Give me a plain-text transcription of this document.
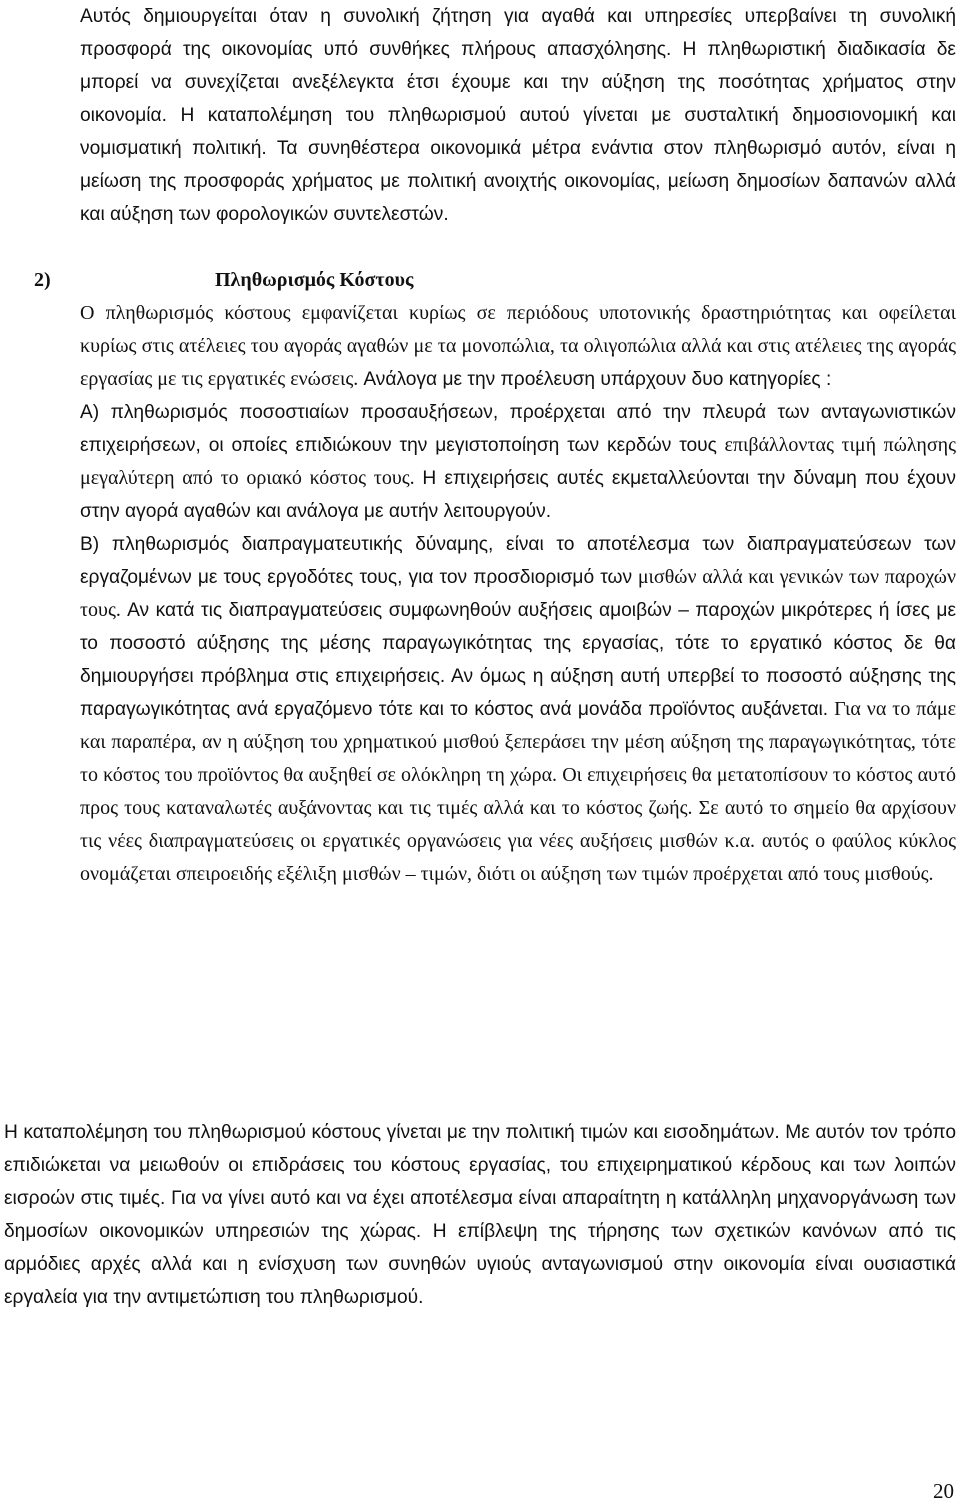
Αυτός δημιουργείται όταν η συνολική ζήτηση για αγαθά και υπηρεσίες υπερβαίνει τη συνολική προσφορά της οικονομίας υπό συνθήκες πλήρους απασχόλησης. Η πληθωριστική διαδικασία δε μπορεί να συνεχίζεται ανεξέλεγκτα έτσι έχουμε και την αύξηση της ποσότητας χρήματος στην οικονομία. Η καταπολέμηση του πληθωρισμού αυτού γίνεται με συσταλτική δημοσιονομική και νομισματική πολιτική. Τα συνηθέστερα οικονομικά μέτρα ενάντια στον πληθωρισμό αυτόν, είναι η μείωση της προσφοράς χρήματος με πολιτική ανοιχτής οικονομίας, μείωση δημοσίων δαπανών αλλά και αύξηση των φορολογικών συντελεστών.

2)	Πληθωρισμός Κόστους

Ο πληθωρισμός κόστους εμφανίζεται κυρίως σε περιόδους υποτονικής δραστηριότητας και οφείλεται κυρίως στις ατέλειες του αγοράς αγαθών με τα μονοπώλια, τα ολιγοπώλια αλλά και στις ατέλειες της αγοράς εργασίας με τις εργατικές ενώσεις. Ανάλογα με την προέλευση υπάρχουν δυο κατηγορίες :
Α) πληθωρισμός ποσοστιαίων προσαυξήσεων, προέρχεται από την πλευρά των ανταγωνιστικών επιχειρήσεων, οι οποίες επιδιώκουν την μεγιστοποίηση των κερδών τους επιβάλλοντας τιμή πώλησης μεγαλύτερη από το οριακό κόστος τους. Η επιχειρήσεις αυτές εκμεταλλεύονται την δύναμη που έχουν στην αγορά αγαθών και ανάλογα με αυτήν λειτουργούν.
Β) πληθωρισμός διαπραγματευτικής δύναμης, είναι το αποτέλεσμα των διαπραγματεύσεων των εργαζομένων με τους εργοδότες τους, για τον προσδιορισμό των μισθών αλλά και γενικών των παροχών τους. Αν κατά τις διαπραγματεύσεις συμφωνηθούν αυξήσεις αμοιβών – παροχών μικρότερες ή ίσες με το ποσοστό αύξησης της μέσης παραγωγικότητας της εργασίας, τότε το εργατικό κόστος δε θα δημιουργήσει πρόβλημα στις επιχειρήσεις. Αν όμως η αύξηση αυτή υπερβεί το ποσοστό αύξησης της παραγωγικότητας ανά εργαζόμενο τότε και το κόστος ανά μονάδα προϊόντος αυξάνεται. Για να το πάμε και παραπέρα, αν η αύξηση του χρηματικού μισθού ξεπεράσει την μέση αύξηση της παραγωγικότητας, τότε το κόστος του προϊόντος θα αυξηθεί σε ολόκληρη τη χώρα. Οι επιχειρήσεις θα μετατοπίσουν το κόστος αυτό προς τους καταναλωτές αυξάνοντας και τις τιμές αλλά και το κόστος ζωής. Σε αυτό το σημείο θα αρχίσουν τις νέες διαπραγματεύσεις οι εργατικές οργανώσεις για νέες αυξήσεις μισθών κ.α. αυτός ο φαύλος κύκλος ονομάζεται σπειροειδής εξέλιξη μισθών – τιμών, διότι οι αύξηση των τιμών προέρχεται από τους μισθούς.

Η καταπολέμηση του πληθωρισμού κόστους γίνεται με την πολιτική τιμών και εισοδημάτων. Με αυτόν τον τρόπο επιδιώκεται να μειωθούν οι επιδράσεις του κόστους εργασίας, του επιχειρηματικού κέρδους και των λοιπών εισροών στις τιμές. Για να γίνει αυτό και να έχει αποτέλεσμα είναι απαραίτητη η κατάλληλη μηχανοργάνωση των δημοσίων οικονομικών υπηρεσιών της χώρας. Η επίβλεψη της τήρησης των σχετικών κανόνων από τις αρμόδιες αρχές αλλά και η ενίσχυση των συνηθών υγιούς ανταγωνισμού στην οικονομία είναι ουσιαστικά εργαλεία για την αντιμετώπιση του πληθωρισμού.

20
